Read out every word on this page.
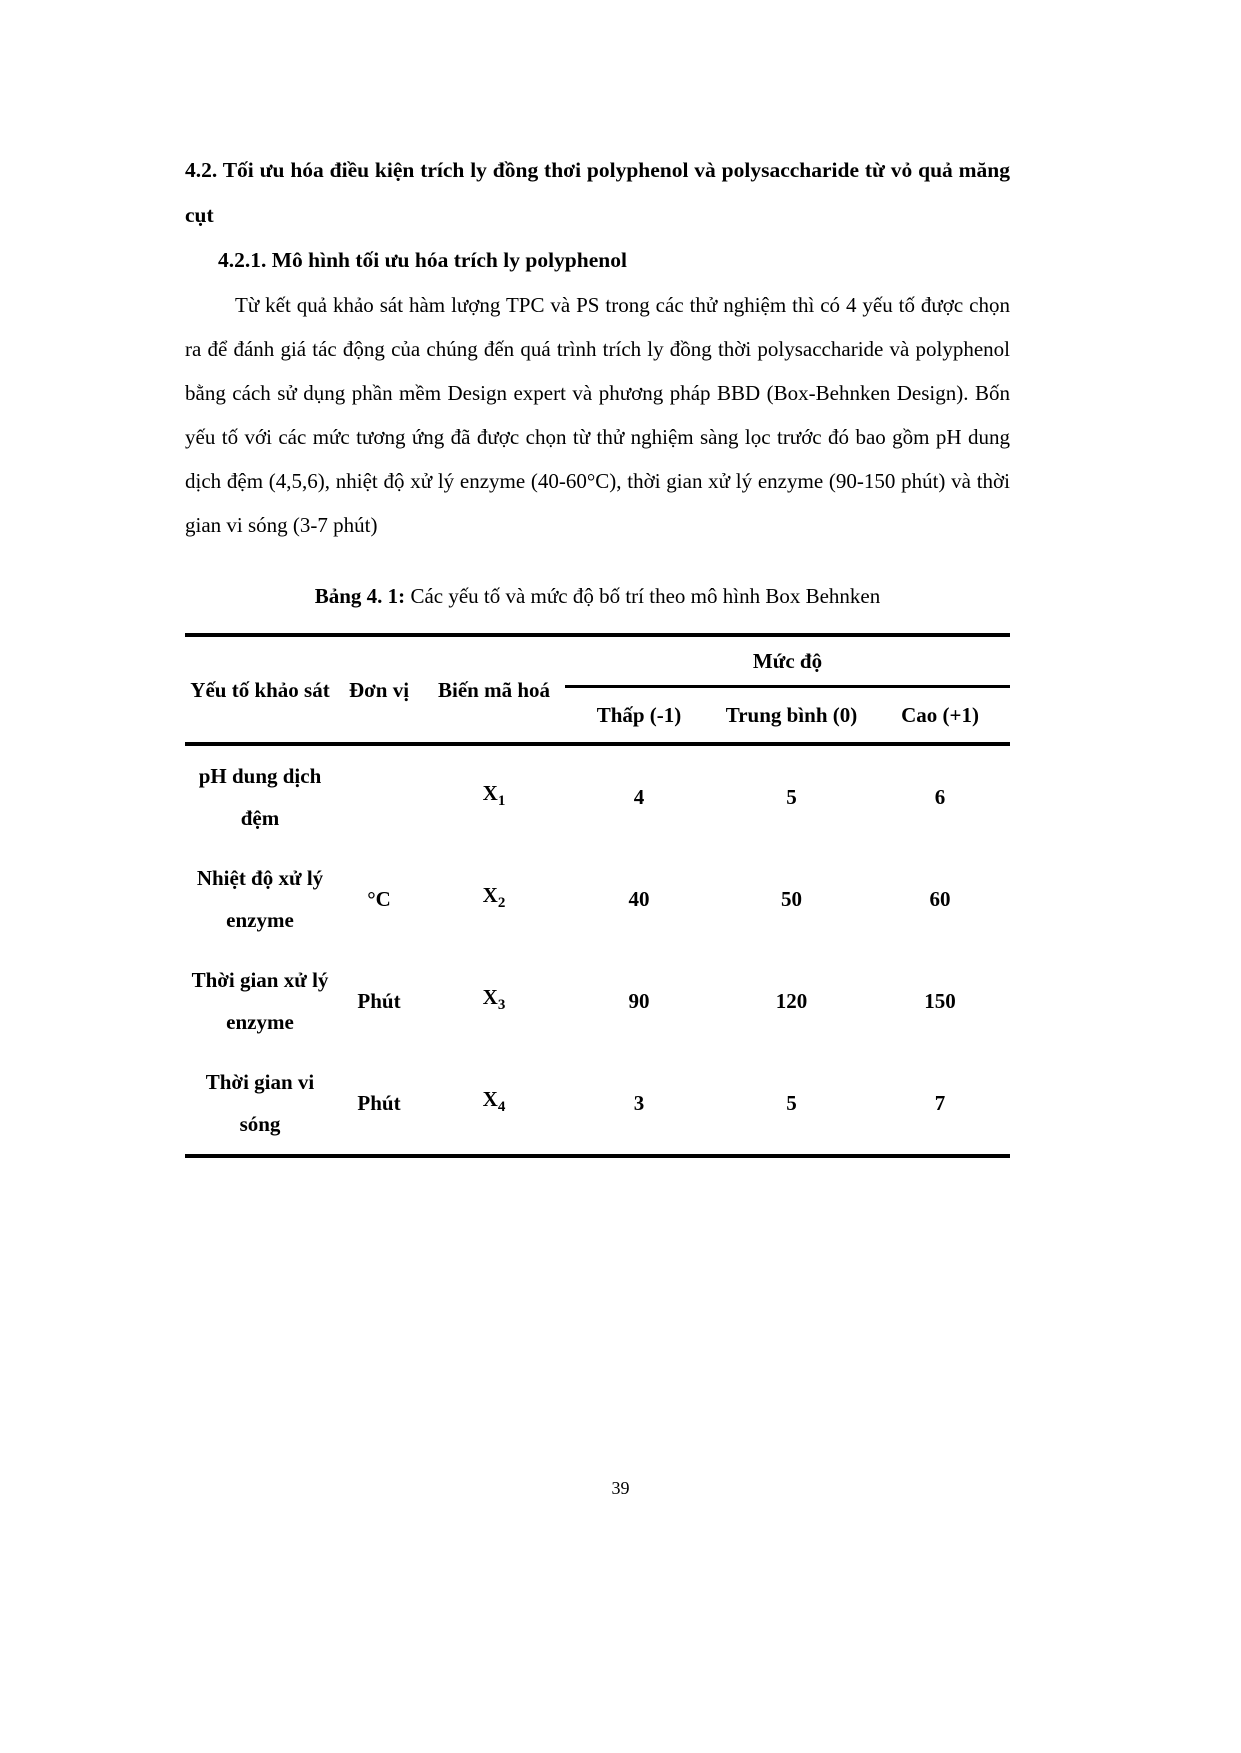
4.2. Tối ưu hóa điều kiện trích ly đồng thơi polyphenol và polysaccharide từ vỏ quả măng cụt
4.2.1. Mô hình tối ưu hóa trích ly polyphenol
Từ kết quả khảo sát hàm lượng TPC và PS trong các thử nghiệm thì có 4 yếu tố được chọn ra để đánh giá tác động của chúng đến quá trình trích ly đồng thời polysaccharide và polyphenol bằng cách sử dụng phần mềm Design expert và phương pháp BBD (Box-Behnken Design). Bốn yếu tố với các mức tương ứng đã được chọn từ thử nghiệm sàng lọc trước đó bao gồm pH dung dịch đệm (4,5,6), nhiệt độ xử lý enzyme (40-60°C), thời gian xử lý enzyme (90-150 phút) và thời gian vi sóng (3-7 phút)
Bảng 4. 1: Các yếu tố và mức độ bố trí theo mô hình Box Behnken
Yếu tố khảo sát	Đơn vị	Biến mã hoá	Mức độ		
			Thấp (-1)	Trung bình (0)	Cao (+1)
pH dung dịch đệm		$X_1$	4	5	6
Nhiệt độ xử lý enzyme	°C	$X_2$	40	50	60
Thời gian xử lý enzyme	Phút	$X_3$	90	120	150
Thời gian vi sóng	Phút	$X_4$	3	5	7
39
